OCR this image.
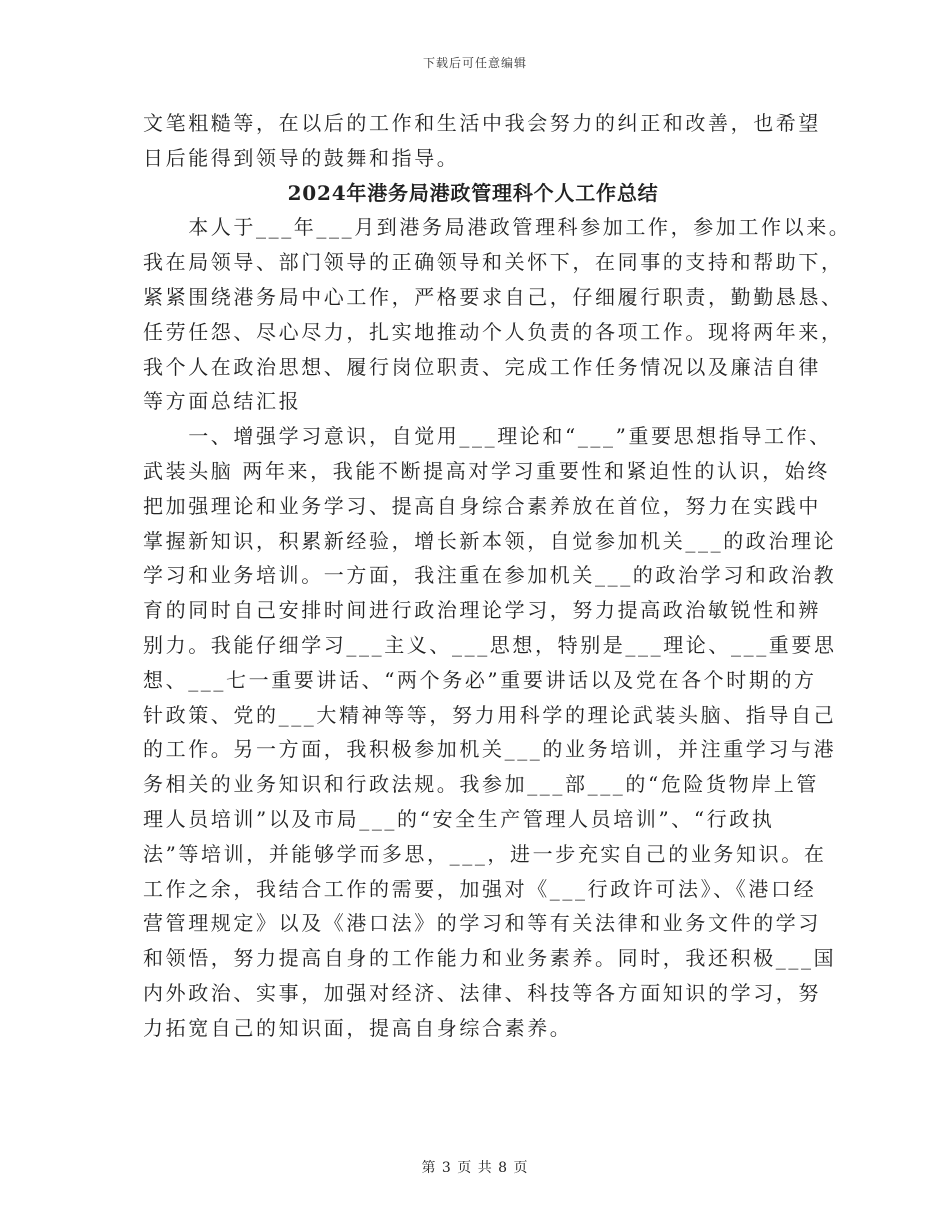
下载后可任意编辑
文笔粗糙等，在以后的工作和生活中我会努力的纠正和改善，也希望
日后能得到领导的鼓舞和指导。
2024年港务局港政管理科个人工作总结
　　本人于___年___月到港务局港政管理科参加工作，参加工作以来。
我在局领导、部门领导的正确领导和关怀下，在同事的支持和帮助下，
紧紧围绕港务局中心工作，严格要求自己，仔细履行职责，勤勤恳恳、
任劳任怨、尽心尽力，扎实地推动个人负责的各项工作。现将两年来，
我个人在政治思想、履行岗位职责、完成工作任务情况以及廉洁自律
等方面总结汇报
　　一、增强学习意识，自觉用___理论和“___”重要思想指导工作、
武装头脑 两年来，我能不断提高对学习重要性和紧迫性的认识，始终
把加强理论和业务学习、提高自身综合素养放在首位，努力在实践中
掌握新知识，积累新经验，增长新本领，自觉参加机关___的政治理论
学习和业务培训。一方面，我注重在参加机关___的政治学习和政治教
育的同时自己安排时间进行政治理论学习，努力提高政治敏锐性和辨
别力。我能仔细学习___主义、___思想，特别是___理论、___重要思
想、___七一重要讲话、“两个务必”重要讲话以及党在各个时期的方
针政策、党的___大精神等等，努力用科学的理论武装头脑、指导自己
的工作。另一方面，我积极参加机关___的业务培训，并注重学习与港
务相关的业务知识和行政法规。我参加___部___的“危险货物岸上管
理人员培训”以及市局___的“安全生产管理人员培训”、“行政执
法”等培训，并能够学而多思，___，进一步充实自己的业务知识。在
工作之余，我结合工作的需要，加强对《___行政许可法》、《港口经
营管理规定》以及《港口法》的学习和等有关法律和业务文件的学习
和领悟，努力提高自身的工作能力和业务素养。同时，我还积极___国
内外政治、实事，加强对经济、法律、科技等各方面知识的学习，努
力拓宽自己的知识面，提高自身综合素养。
第 3 页 共 8 页
